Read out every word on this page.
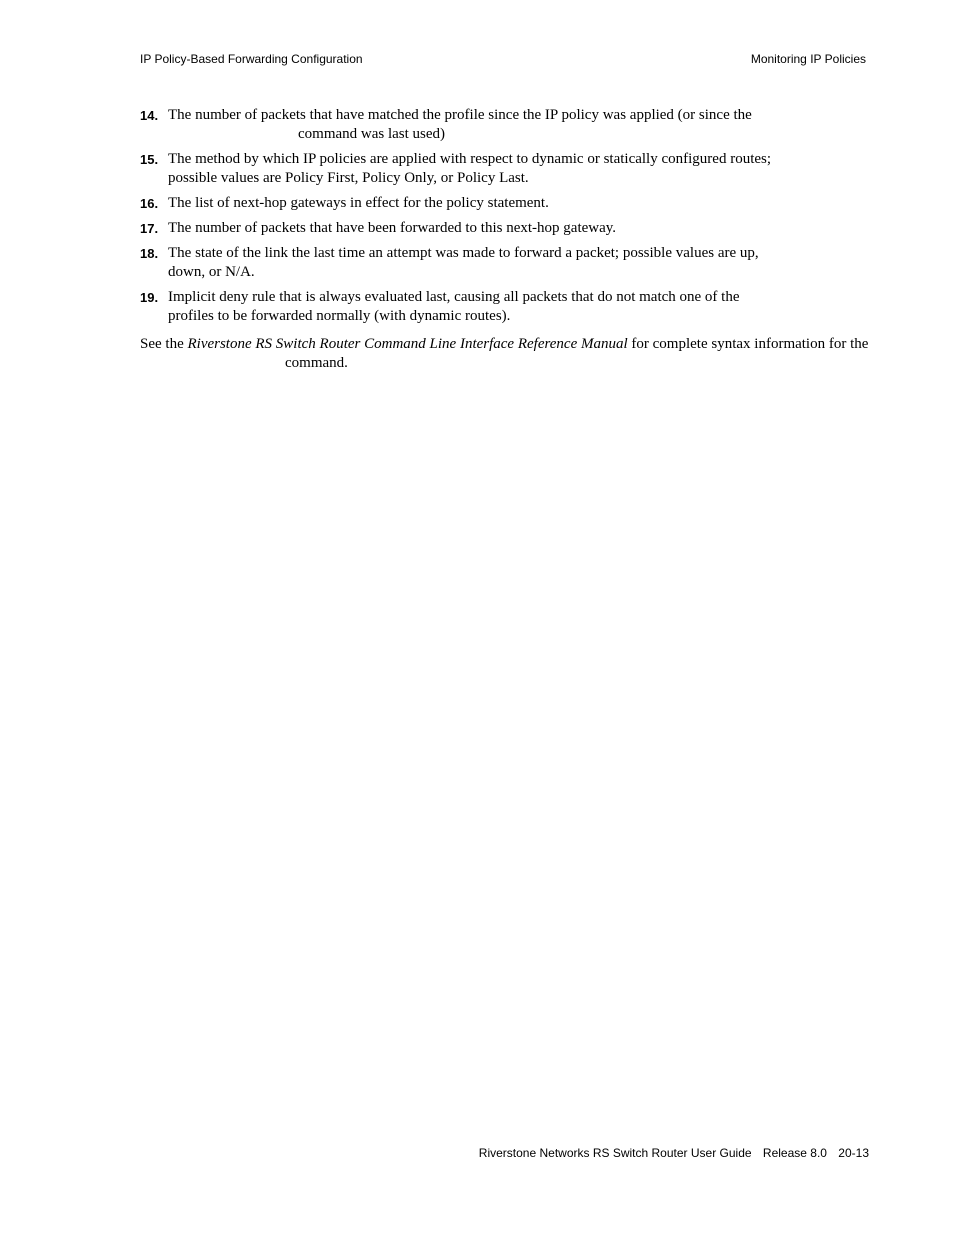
IP Policy-Based Forwarding Configuration	Monitoring IP Policies
14. The number of packets that have matched the profile since the IP policy was applied (or since the
command was last used)
15. The method by which IP policies are applied with respect to dynamic or statically configured routes; possible values are Policy First, Policy Only, or Policy Last.
16. The list of next-hop gateways in effect for the policy statement.
17. The number of packets that have been forwarded to this next-hop gateway.
18. The state of the link the last time an attempt was made to forward a packet; possible values are up, down, or N/A.
19. Implicit deny rule that is always evaluated last, causing all packets that do not match one of the profiles to be forwarded normally (with dynamic routes).
See the Riverstone RS Switch Router Command Line Interface Reference Manual for complete syntax information for thecommand.
Riverstone Networks RS Switch Router User Guide Release 8.0 20-13
